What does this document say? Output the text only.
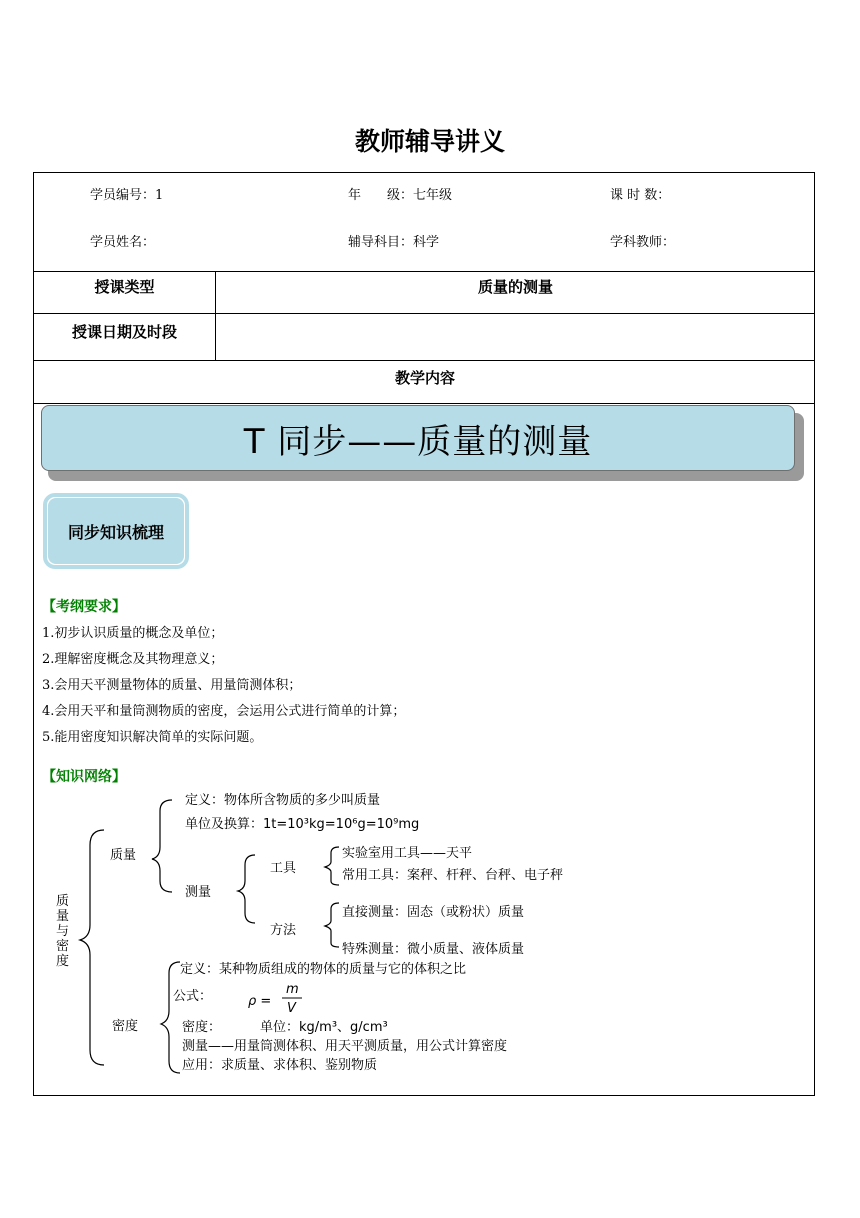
教师辅导讲义
学员编号：1	年　　级：七年级	课 时 数：
学员姓名：	辅导科目：科学	学科教师：
授课类型	质量的测量
授课日期及时段
教学内容
T 同步——质量的测量
同步知识梳理
【考纲要求】
1.初步认识质量的概念及单位；
2.理解密度概念及其物理意义；
3.会用天平测量物体的质量、用量筒测体积；
4.会用天平和量筒测物质的密度，会运用公式进行简单的计算；
5.能用密度知识解决简单的实际问题。
【知识网络】
质量与密度
质量
定义：物体所含物质的多少叫质量
单位及换算：1t=10³kg=10⁶g=10⁹mg
测量
工具
实验室用工具——天平
常用工具：案秤、杆秤、台秤、电子秤
方法
直接测量：固态（或粉状）质量
特殊测量：微小质量、液体质量
密度
定义：某种物质组成的物体的质量与它的体积之比
公式：	ρ =
m
V
密度：	单位：kg/m³、g/cm³
测量——用量筒测体积、用天平测质量，用公式计算密度
应用：求质量、求体积、鉴别物质
